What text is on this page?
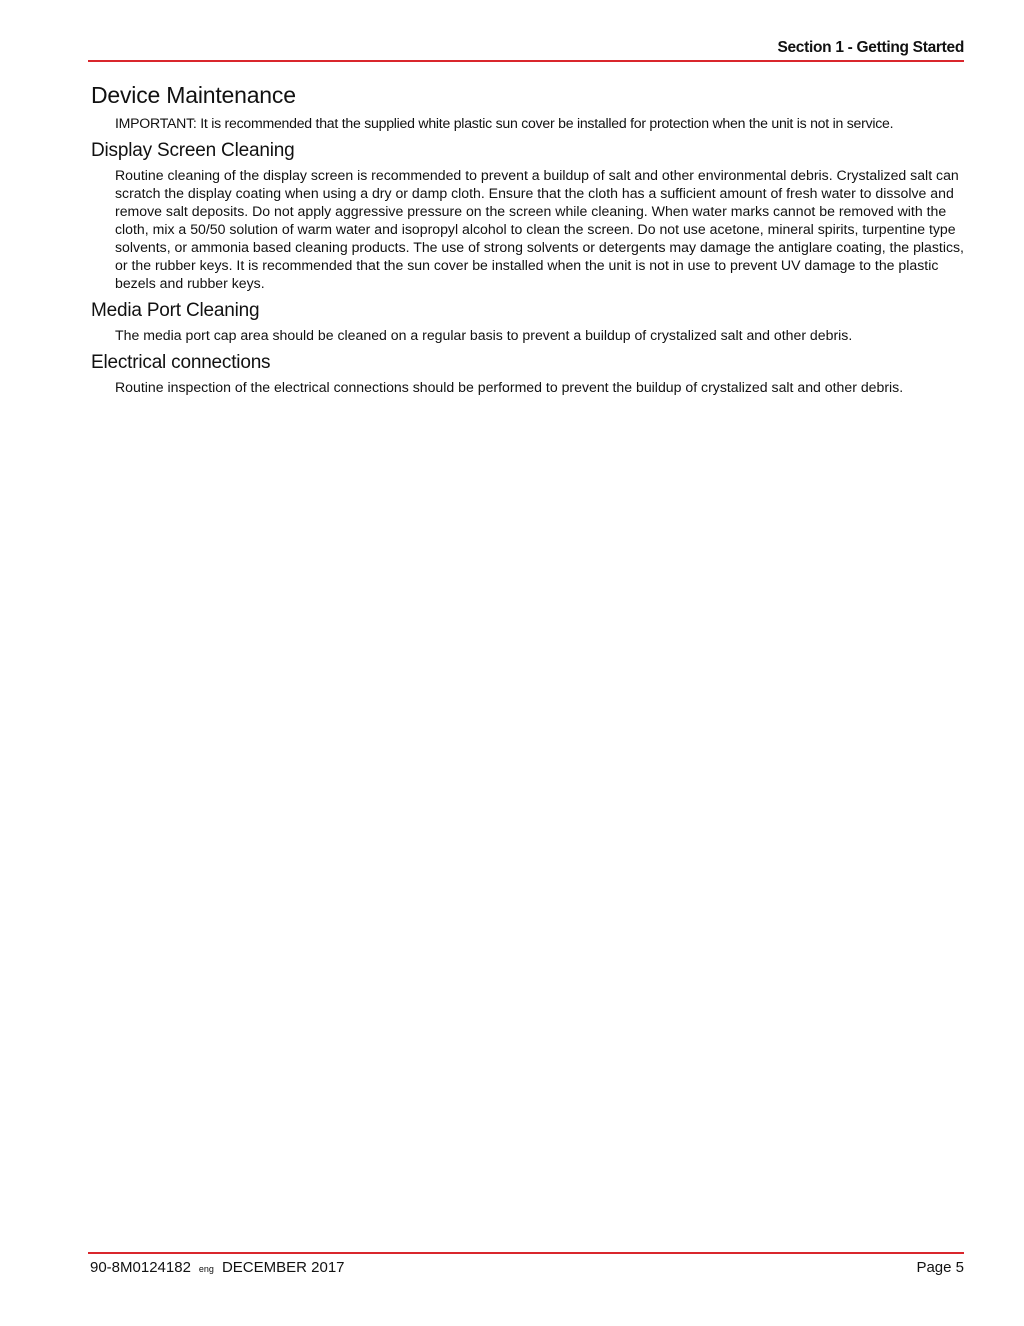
Section 1 - Getting Started
Device Maintenance

IMPORTANT: It is recommended that the supplied white plastic sun cover be installed for protection when the unit is not in service.

Display Screen Cleaning

Routine cleaning of the display screen is recommended to prevent a buildup of salt and other environmental debris. Crystalized salt can scratch the display coating when using a dry or damp cloth. Ensure that the cloth has a sufficient amount of fresh water to dissolve and remove salt deposits. Do not apply aggressive pressure on the screen while cleaning. When water marks cannot be removed with the cloth, mix a 50/50 solution of warm water and isopropyl alcohol to clean the screen. Do not use acetone, mineral spirits, turpentine type solvents, or ammonia based cleaning products. The use of strong solvents or detergents may damage the antiglare coating, the plastics, or the rubber keys. It is recommended that the sun cover be installed when the unit is not in use to prevent UV damage to the plastic bezels and rubber keys.

Media Port Cleaning

The media port cap area should be cleaned on a regular basis to prevent a buildup of crystalized salt and other debris.

Electrical connections

Routine inspection of the electrical connections should be performed to prevent the buildup of crystalized salt and other debris.

90-8M0124182 eng DECEMBER 2017	Page 5
